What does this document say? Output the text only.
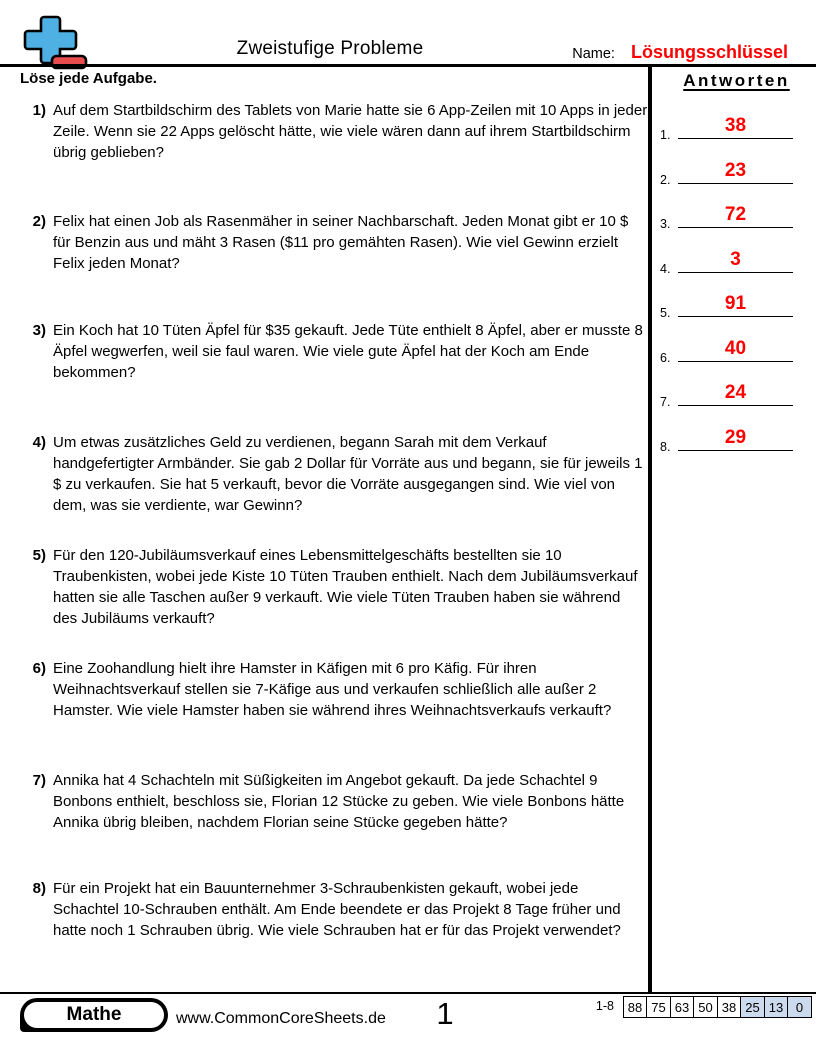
Zweistufige Probleme	Name: Lösungsschlüssel
Löse jede Aufgabe.
1) Auf dem Startbildschirm des Tablets von Marie hatte sie 6 App-Zeilen mit 10 Apps in jeder Zeile. Wenn sie 22 Apps gelöscht hätte, wie viele wären dann auf ihrem Startbildschirm übrig geblieben?
2) Felix hat einen Job als Rasenmäher in seiner Nachbarschaft. Jeden Monat gibt er 10 $ für Benzin aus und mäht 3 Rasen ($11 pro gemähten Rasen). Wie viel Gewinn erzielt Felix jeden Monat?
3) Ein Koch hat 10 Tüten Äpfel für $35 gekauft. Jede Tüte enthielt 8 Äpfel, aber er musste 8 Äpfel wegwerfen, weil sie faul waren. Wie viele gute Äpfel hat der Koch am Ende bekommen?
4) Um etwas zusätzliches Geld zu verdienen, begann Sarah mit dem Verkauf handgefertigter Armbänder. Sie gab 2 Dollar für Vorräte aus und begann, sie für jeweils 1 $ zu verkaufen. Sie hat 5 verkauft, bevor die Vorräte ausgegangen sind. Wie viel von dem, was sie verdiente, war Gewinn?
5) Für den 120-Jubiläumsverkauf eines Lebensmittelgeschäfts bestellten sie 10 Traubenkisten, wobei jede Kiste 10 Tüten Trauben enthielt. Nach dem Jubiläumsverkauf hatten sie alle Taschen außer 9 verkauft. Wie viele Tüten Trauben haben sie während des Jubiläums verkauft?
6) Eine Zoohandlung hielt ihre Hamster in Käfigen mit 6 pro Käfig. Für ihren Weihnachtsverkauf stellen sie 7-Käfige aus und verkaufen schließlich alle außer 2 Hamster. Wie viele Hamster haben sie während ihres Weihnachtsverkaufs verkauft?
7) Annika hat 4 Schachteln mit Süßigkeiten im Angebot gekauft. Da jede Schachtel 9 Bonbons enthielt, beschloss sie, Florian 12 Stücke zu geben. Wie viele Bonbons hätte Annika übrig bleiben, nachdem Florian seine Stücke gegeben hätte?
8) Für ein Projekt hat ein Bauunternehmer 3-Schraubenkisten gekauft, wobei jede Schachtel 10-Schrauben enthält. Am Ende beendete er das Projekt 8 Tage früher und hatte noch 1 Schrauben übrig. Wie viele Schrauben hat er für das Projekt verwendet?
Antworten
1.	38
2.	23
3.	72
4.	3
5.	91
6.	40
7.	24
8.	29
Mathe	www.CommonCoreSheets.de	1	1-8	88 75 63 50 38 25 13 0
